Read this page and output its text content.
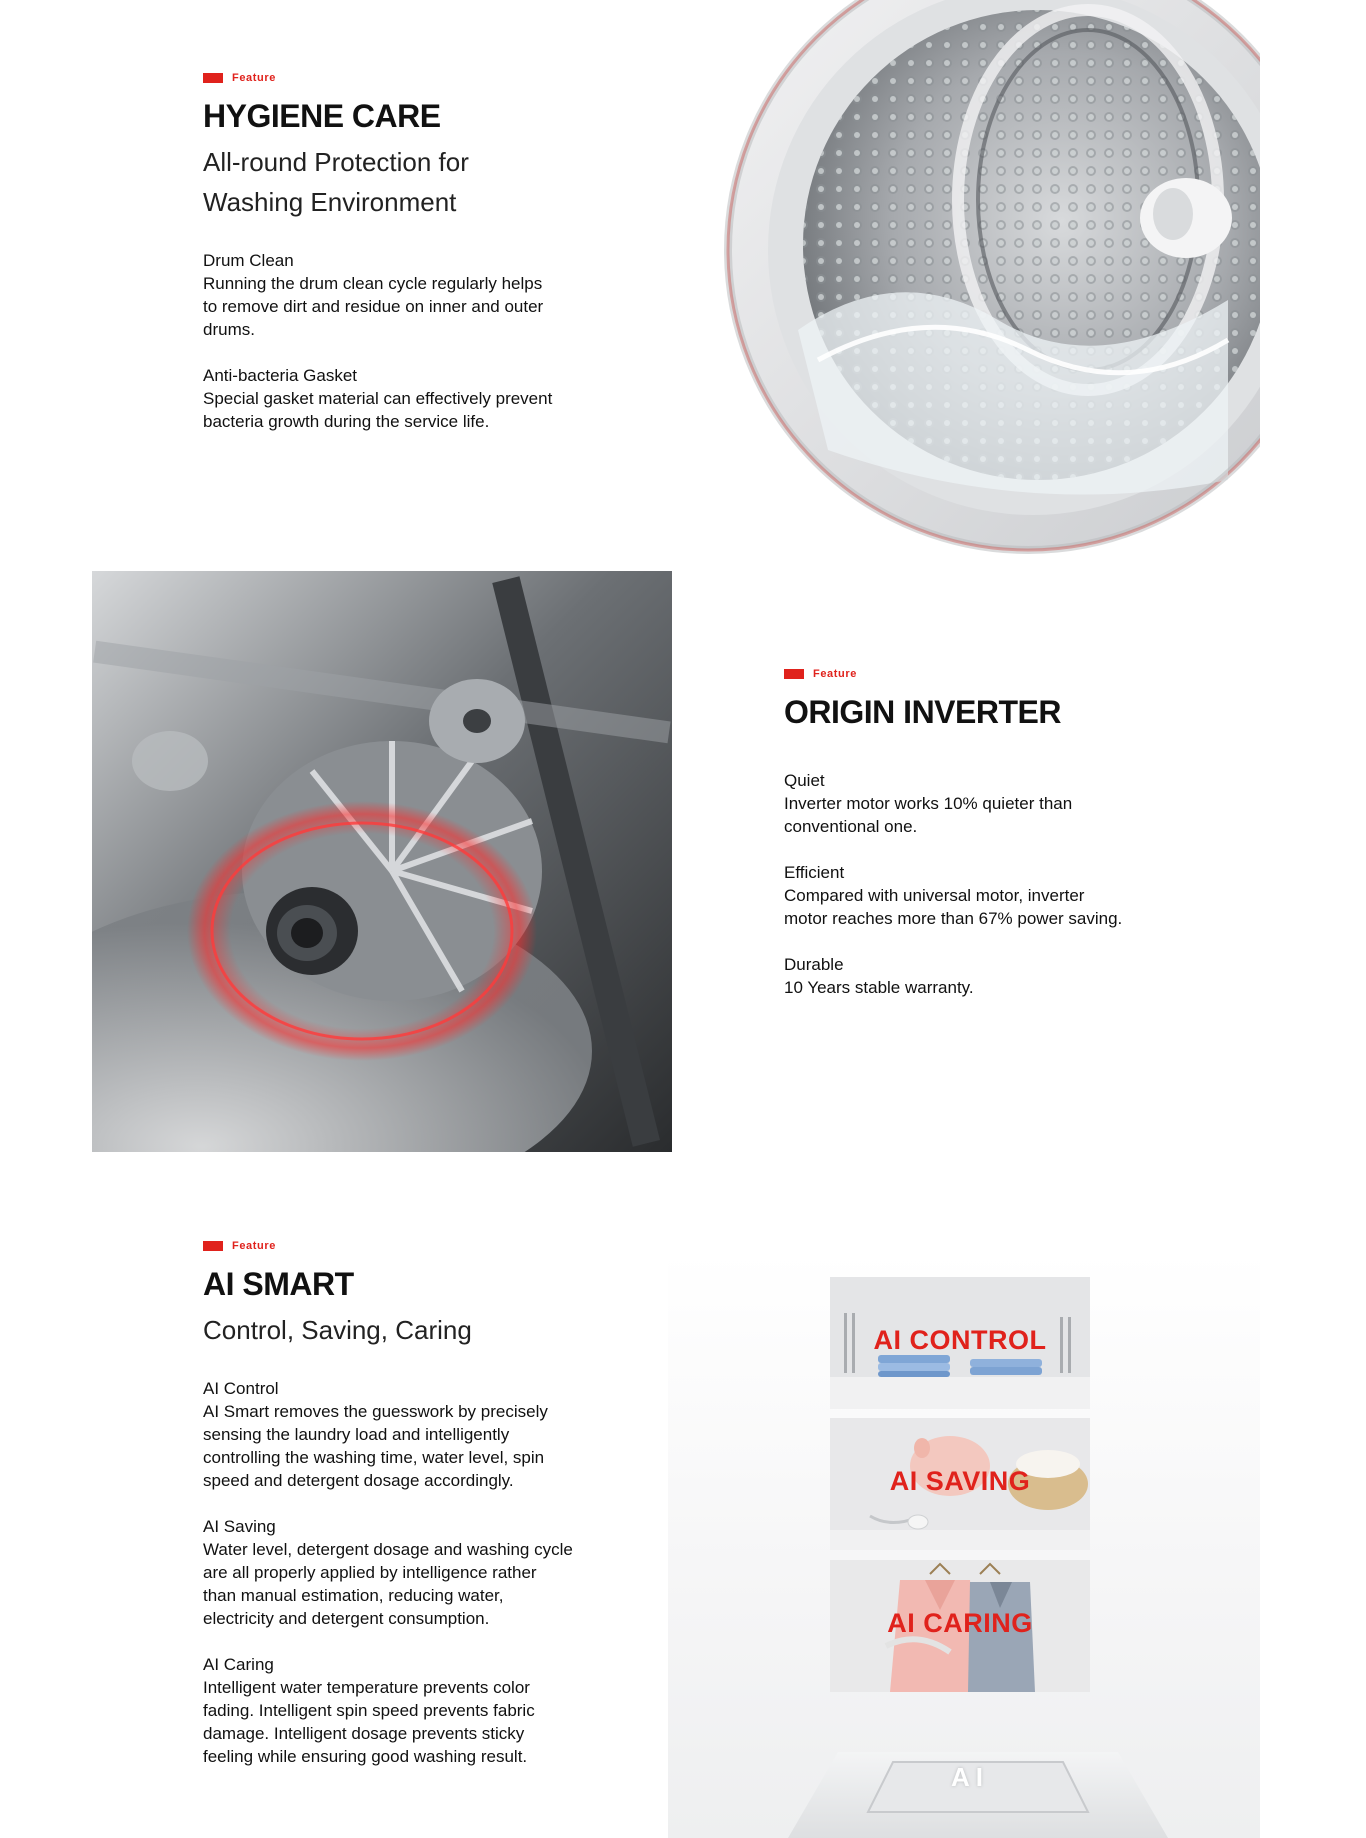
Feature
HYGIENE CARE
All-round Protection for
Washing Environment
Drum Clean
Running the drum clean cycle regularly helps to remove dirt and residue on inner and outer drums.
Anti-bacteria Gasket
Special gasket material can effectively prevent bacteria growth during the service life.
Feature
ORIGIN INVERTER
Quiet
Inverter motor works 10% quieter than conventional one.
Efficient
Compared with universal motor, inverter motor reaches more than 67% power saving.
Durable
10 Years stable warranty.
Feature
AI SMART
Control, Saving, Caring
AI Control
AI Smart removes the guesswork by precisely sensing the laundry load and intelligently controlling the washing time, water level, spin speed and detergent dosage accordingly.
AI Saving
Water level, detergent dosage and washing cycle are all properly applied by intelligence rather than manual estimation, reducing water, electricity and detergent consumption.
AI Caring
Intelligent water temperature prevents color fading. Intelligent spin speed prevents fabric damage. Intelligent dosage prevents sticky feeling while ensuring good washing result.
AI
AI CONTROL
AI SAVING
AI CARING
